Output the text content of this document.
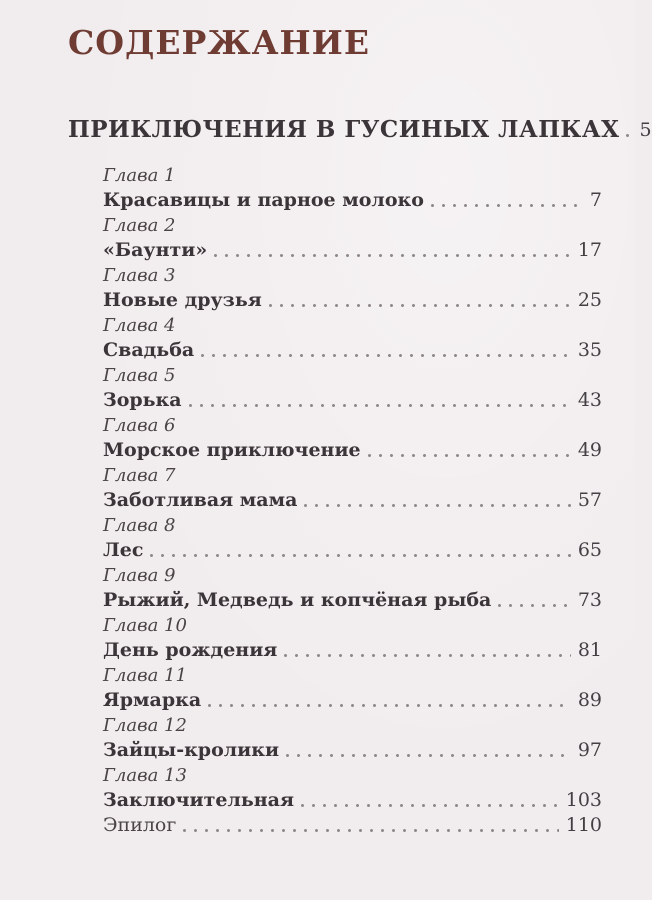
СОДЕРЖАНИЕ
ПРИКЛЮЧЕНИЯ В ГУСИНЫХ ЛАПКАХ 5
Глава 1
Красавицы и парное молоко	7
Глава 2
«Баунти»	17
Глава 3
Новые друзья	25
Глава 4
Свадьба	35
Глава 5
Зорька	43
Глава 6
Морское приключение	49
Глава 7
Заботливая мама	57
Глава 8
Лес	65
Глава 9
Рыжий, Медведь и копчёная рыба	73
Глава 10
День рождения	81
Глава 11
Ярмарка	89
Глава 12
Зайцы-кролики	97
Глава 13
Заключительная	103
Эпилог	110
